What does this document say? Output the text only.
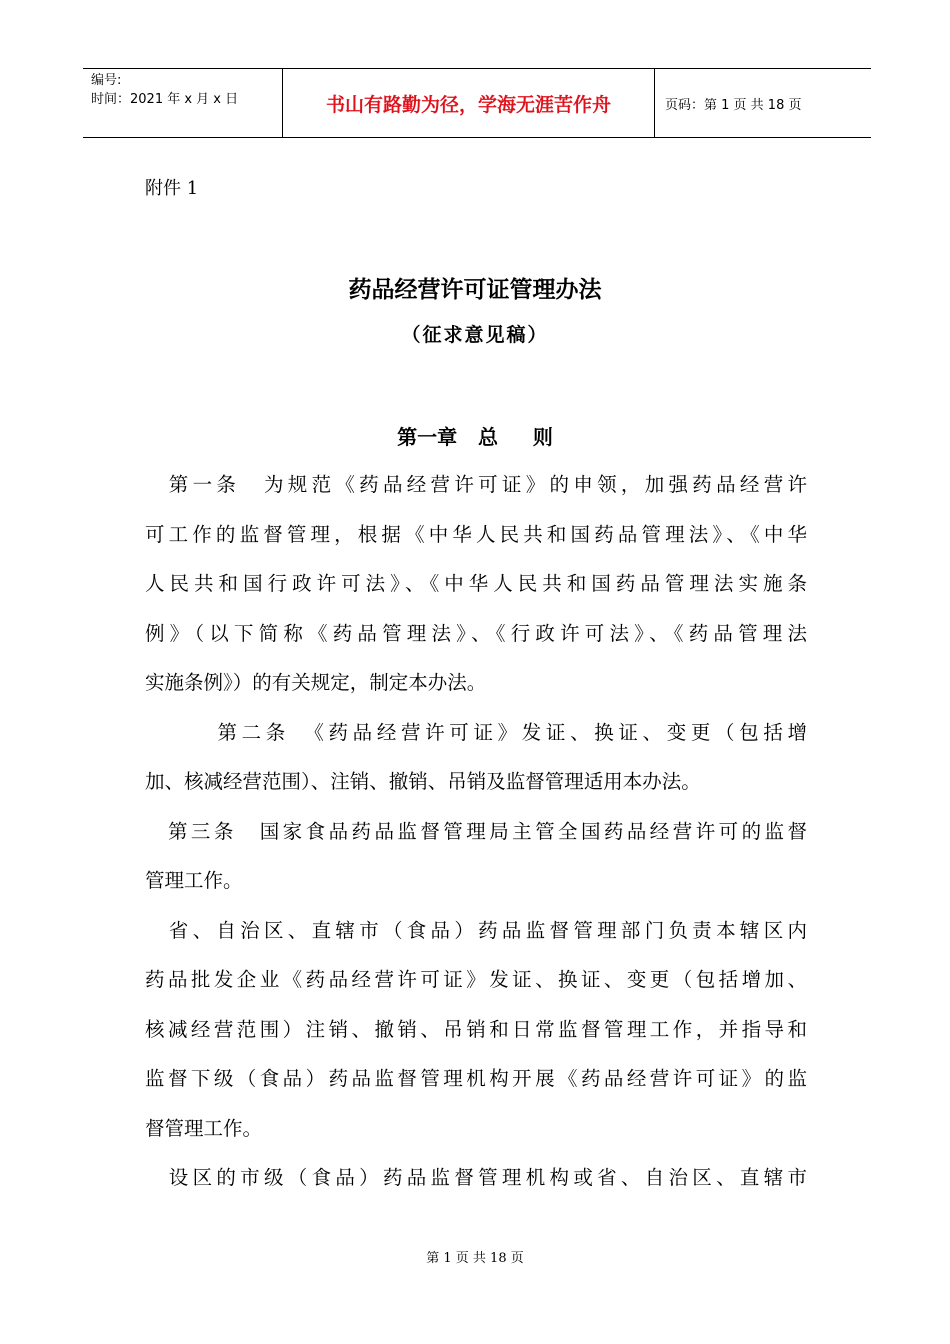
编号:
时间：2021 年 x 月 x 日	书山有路勤为径，学海无涯苦作舟	页码：第 1 页 共 18 页
附件 1
药品经营许可证管理办法
（征求意见稿）
第一章   总     则
　第一条　为规范《药品经营许可证》的申领，加强药品经营许
可工作的监督管理，根据《中华人民共和国药品管理法》、《中华
人民共和国行政许可法》、《中华人民共和国药品管理法实施条
例》（以下简称《药品管理法》、《行政许可法》、《药品管理法
实施条例》）的有关规定，制定本办法。
　　　第二条　《药品经营许可证》发证、换证、变更（包括增
加、核减经营范围）、注销、撤销、吊销及监督管理适用本办法。
　第三条　国家食品药品监督管理局主管全国药品经营许可的监督
管理工作。
　省、自治区、直辖市（食品）药品监督管理部门负责本辖区内
药品批发企业《药品经营许可证》发证、换证、变更（包括增加、
核减经营范围）注销、撤销、吊销和日常监督管理工作，并指导和
监督下级（食品）药品监督管理机构开展《药品经营许可证》的监
督管理工作。
　设区的市级（食品）药品监督管理机构或省、自治区、直辖市
第 1 页 共 18 页
